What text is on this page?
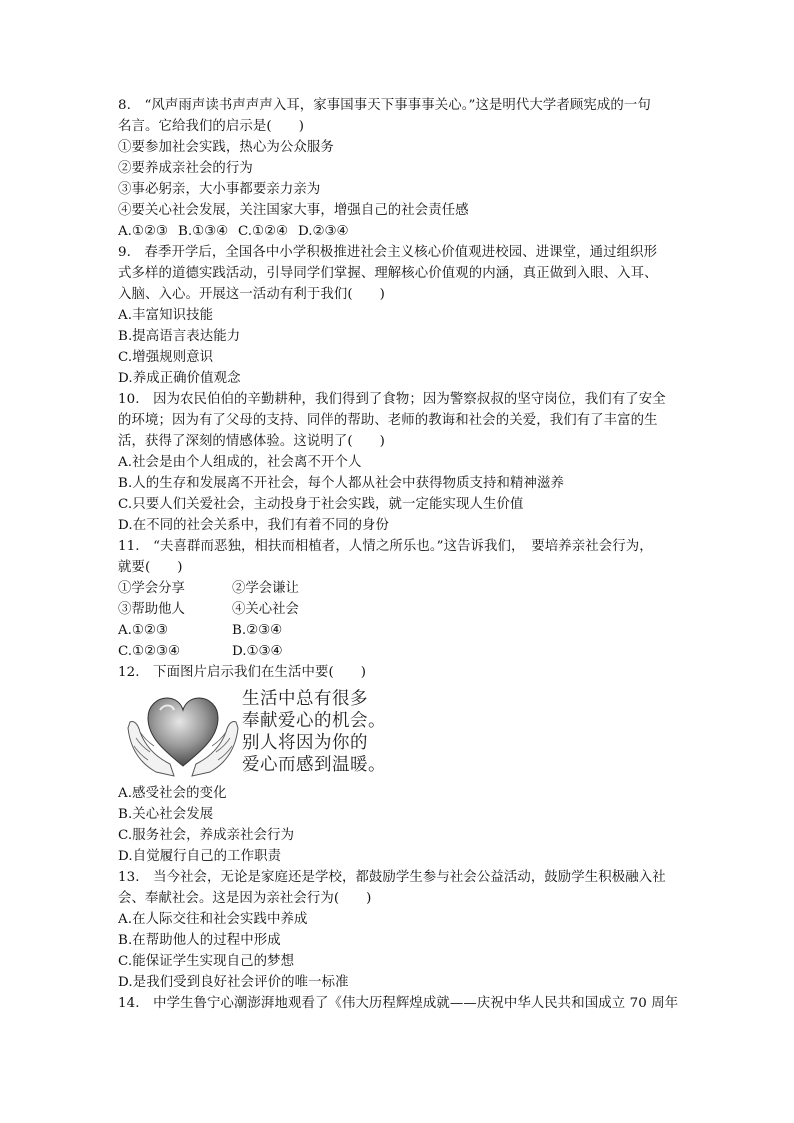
8.　“风声雨声读书声声声入耳，家事国事天下事事事关心。”这是明代大学者顾宪成的一句
名言。它给我们的启示是(　　)
①要参加社会实践，热心为公众服务
②要养成亲社会的行为
③事必躬亲，大小事都要亲力亲为
④要关心社会发展，关注国家大事，增强自己的社会责任感
A.①②③ B.①③④ C.①②④ D.②③④
9.　春季开学后，全国各中小学积极推进社会主义核心价值观进校园、进课堂，通过组织形
式多样的道德实践活动，引导同学们掌握、理解核心价值观的内涵，真正做到入眼、入耳、
入脑、入心。开展这一活动有利于我们(　　)
A.丰富知识技能
B.提高语言表达能力
C.增强规则意识
D.养成正确价值观念
10.　因为农民伯伯的辛勤耕种，我们得到了食物；因为警察叔叔的坚守岗位，我们有了安全
的环境；因为有了父母的支持、同伴的帮助、老师的教诲和社会的关爱，我们有了丰富的生
活，获得了深刻的情感体验。这说明了(　　)
A.社会是由个人组成的，社会离不开个人
B.人的生存和发展离不开社会，每个人都从社会中获得物质支持和精神滋养
C.只要人们关爱社会，主动投身于社会实践，就一定能实现人生价值
D.在不同的社会关系中，我们有着不同的身份
11.　“夫喜群而恶独，相扶而相植者，人情之所乐也。”这告诉我们，　要培养亲社会行为，
就要(　　)
①学会分享	②学会谦让
③帮助他人	④关心社会
A.①②③	B.②③④
C.①②③④	D.①③④
12.　下面图片启示我们在生活中要(　　)
生活中总有很多
奉献爱心的机会。
别人将因为你的
爱心而感到温暖。
A.感受社会的变化
B.关心社会发展
C.服务社会，养成亲社会行为
D.自觉履行自己的工作职责
13.　当今社会，无论是家庭还是学校，都鼓励学生参与社会公益活动，鼓励学生积极融入社
会、奉献社会。这是因为亲社会行为(　　)
A.在人际交往和社会实践中养成
B.在帮助他人的过程中形成
C.能保证学生实现自己的梦想
D.是我们受到良好社会评价的唯一标准
14.　中学生鲁宁心潮澎湃地观看了《伟大历程辉煌成就——庆祝中华人民共和国成立 70 周年
